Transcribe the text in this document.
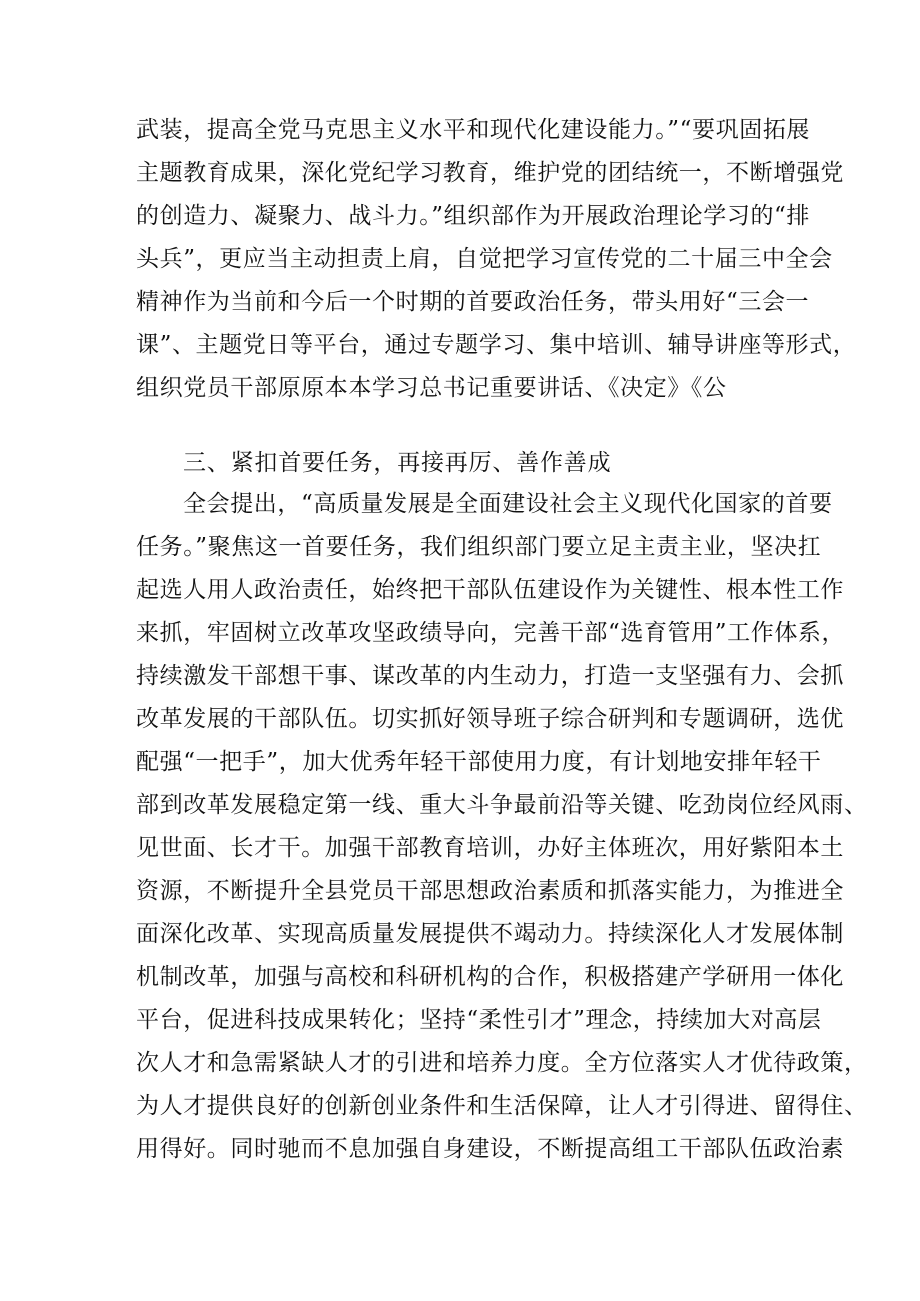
武装，提高全党马克思主义水平和现代化建设能力。”“要巩固拓展
主题教育成果，深化党纪学习教育，维护党的团结统一，不断增强党
的创造力、凝聚力、战斗力。”组织部作为开展政治理论学习的“排
头兵”，更应当主动担责上肩，自觉把学习宣传党的二十届三中全会
精神作为当前和今后一个时期的首要政治任务，带头用好“三会一
课”、主题党日等平台，通过专题学习、集中培训、辅导讲座等形式，
组织党员干部原原本本学习总书记重要讲话、《决定》《公
三、紧扣首要任务，再接再厉、善作善成
全会提出，“高质量发展是全面建设社会主义现代化国家的首要
任务。”聚焦这一首要任务，我们组织部门要立足主责主业，坚决扛
起选人用人政治责任，始终把干部队伍建设作为关键性、根本性工作
来抓，牢固树立改革攻坚政绩导向，完善干部“选育管用”工作体系，
持续激发干部想干事、谋改革的内生动力，打造一支坚强有力、会抓
改革发展的干部队伍。切实抓好领导班子综合研判和专题调研，选优
配强“一把手”，加大优秀年轻干部使用力度，有计划地安排年轻干
部到改革发展稳定第一线、重大斗争最前沿等关键、吃劲岗位经风雨、
见世面、长才干。加强干部教育培训，办好主体班次，用好紫阳本土
资源，不断提升全县党员干部思想政治素质和抓落实能力，为推进全
面深化改革、实现高质量发展提供不竭动力。持续深化人才发展体制
机制改革，加强与高校和科研机构的合作，积极搭建产学研用一体化
平台，促进科技成果转化；坚持“柔性引才”理念，持续加大对高层
次人才和急需紧缺人才的引进和培养力度。全方位落实人才优待政策，
为人才提供良好的创新创业条件和生活保障，让人才引得进、留得住、
用得好。同时驰而不息加强自身建设，不断提高组工干部队伍政治素
